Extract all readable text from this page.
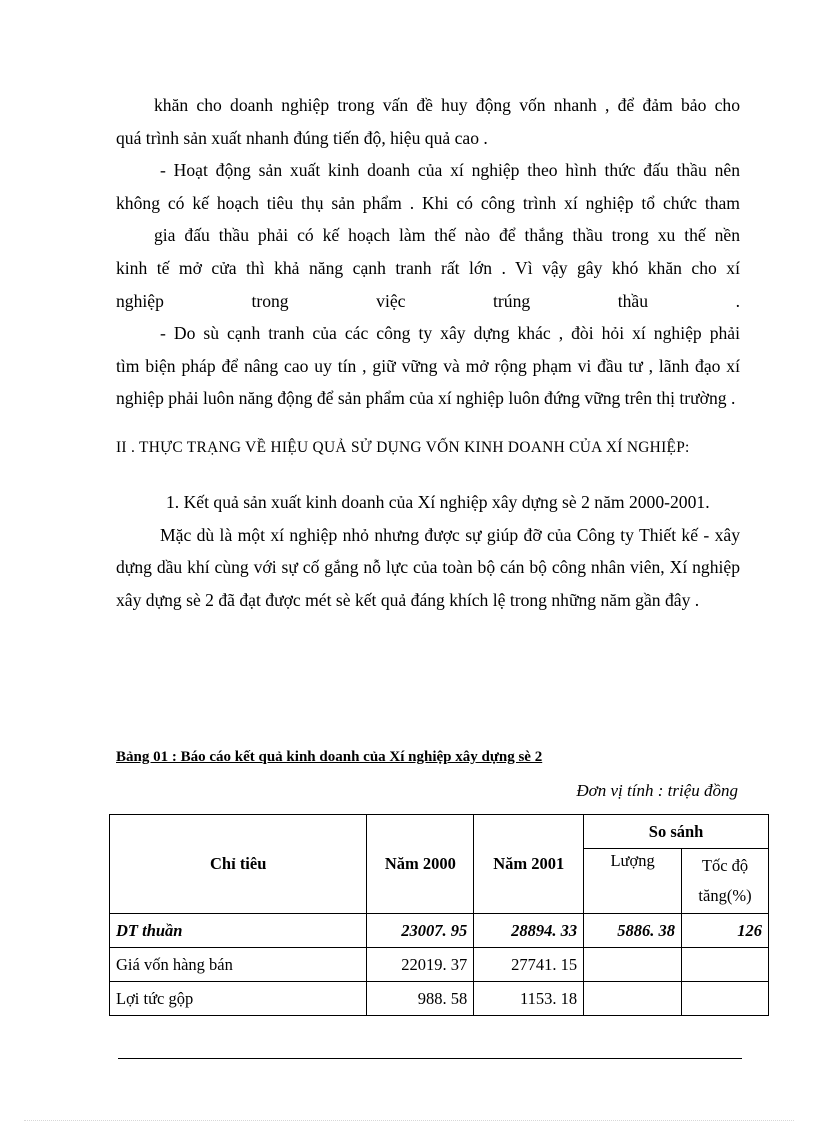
khăn cho doanh nghiệp trong vấn đề huy động vốn nhanh , để đảm bảo cho

quá trình sản xuất nhanh đúng tiến độ, hiệu quả cao .

- Hoạt động sản xuất kinh doanh của xí nghiệp theo hình thức đấu thầu nên

không có kế hoạch tiêu thụ sản phẩm . Khi có công trình xí nghiệp tổ chức tham

gia đấu thầu phải có kế hoạch làm thế nào để thắng thầu trong xu thế nền

kinh tế mở cửa thì khả năng cạnh tranh rất lớn . Vì vậy gây khó khăn cho xí

nghiệp trong việc trúng thầu .

- Do sù cạnh tranh của các công ty xây dựng khác , đòi hỏi xí nghiệp phải

tìm biện pháp để nâng cao uy tín , giữ vững và mở rộng phạm vi đầu tư , lãnh đạo xí nghiệp phải luôn năng động để sản phẩm của xí nghiệp luôn đứng vững trên thị trường .

II . THỰC TRẠNG VỀ HIỆU QUẢ SỬ DỤNG VỐN KINH DOANH CỦA XÍ NGHIỆP:

1. Kết quả sản xuất kinh doanh của Xí nghiệp xây dựng sè 2 năm 2000-2001.

Mặc dù là một xí nghiệp nhỏ nhưng được sự giúp đỡ của Công ty Thiết kế - xây dựng dầu khí cùng với sự cố gắng nỗ lực của toàn bộ cán bộ công nhân viên, Xí nghiệp xây dựng sè 2 đã đạt được mét sè kết quả đáng khích lệ trong những năm gần đây .

Bảng 01 : Báo cáo kết quả kinh doanh của Xí nghiệp xây dựng sè 2
Đơn vị tính : triệu đồng
Chỉ tiêu	Năm 2000	Năm 2001	So sánh	
			Lượng	Tốc độ
tăng(%)
DT thuần	23007. 95	28894. 33	5886. 38	126
Giá vốn hàng bán	22019. 37	27741. 15		
Lợi tức gộp	988. 58	1153. 18		
